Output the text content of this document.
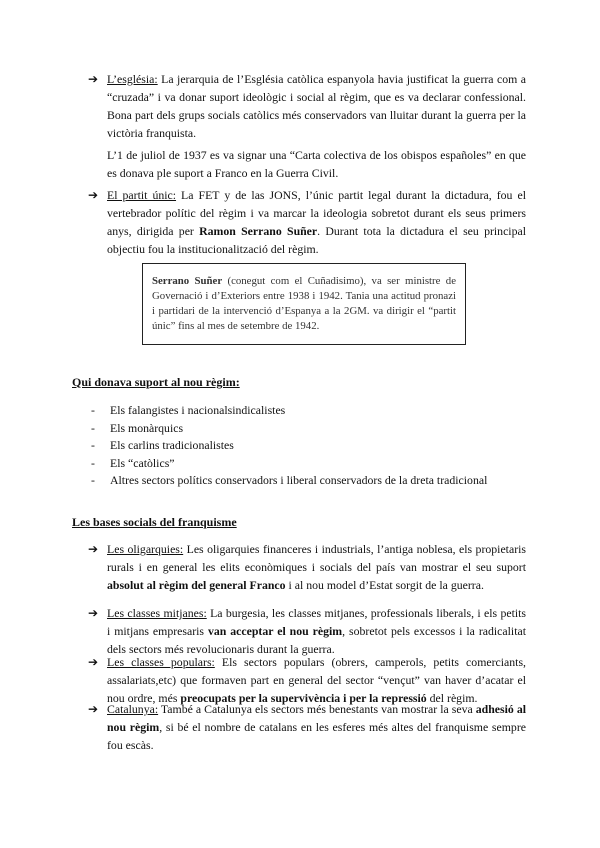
➔ L’església: La jerarquia de l’Església catòlica espanyola havia justificat la guerra com a “cruzada” i va donar suport ideològic i social al règim, que es va declarar confessional. Bona part dels grups socials catòlics més conservadors van lluitar durant la guerra per la victòria franquista.
L’1 de juliol de 1937 es va signar una “Carta colectiva de los obispos españoles” en que es donava ple suport a Franco en la Guerra Civil.
➔ El partit únic: La FET y de las JONS, l’únic partit legal durant la dictadura, fou el vertebrador polític del règim i va marcar la ideologia sobretot durant els seus primers anys, dirigida per Ramon Serrano Suñer. Durant tota la dictadura el seu principal objectiu fou la institucionalització del règim.
Serrano Suñer (conegut com el Cuñadisimo), va ser ministre de Governació i d’Exteriors entre 1938 i 1942. Tania una actitud pronazi i partidari de la intervenció d’Espanya a la 2GM. va dirigir el “partit únic” fins al mes de setembre de 1942.
Qui donava suport al nou règim:
- Els falangistes i nacionalsindicalistes
- Els monàrquics
- Els carlins tradicionalistes
- Els “catòlics”
- Altres sectors polítics conservadors i liberal conservadors de la dreta tradicional
Les bases socials del franquisme
➔ Les oligarquies: Les oligarquies financeres i industrials, l’antiga noblesa, els propietaris rurals i en general les elits econòmiques i socials del país van mostrar el seu suport absolut al règim del general Franco i al nou model d’Estat sorgit de la guerra.
➔ Les classes mitjanes: La burgesia, les classes mitjanes, professionals liberals, i els petits i mitjans empresaris van acceptar el nou règim, sobretot pels excessos i la radicalitat dels sectors més revolucionaris durant la guerra.
➔ Les classes populars: Els sectors populars (obrers, camperols, petits comerciants, assalariats,etc) que formaven part en general del sector “vençut” van haver d’acatar el nou ordre, més preocupats per la supervivència i per la repressió del règim.
➔ Catalunya: També a Catalunya els sectors més benestants van mostrar la seva adhesió al nou règim, si bé el nombre de catalans en les esferes més altes del franquisme sempre fou escàs.
